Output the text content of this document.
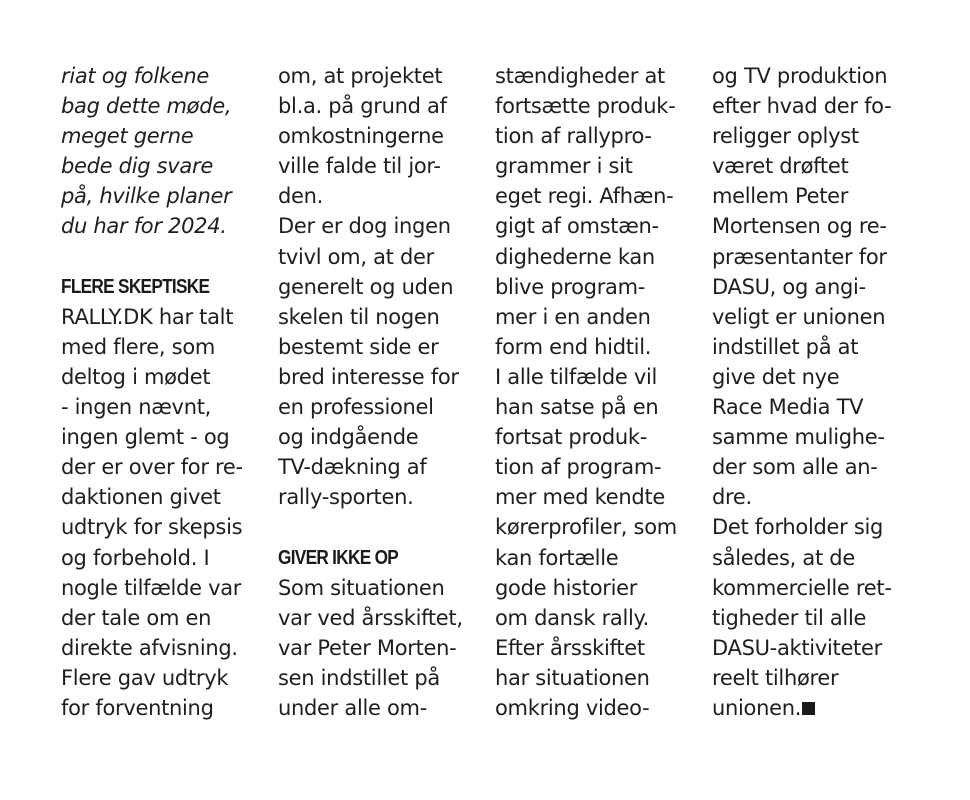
riat og folkene
bag dette møde,
meget gerne
bede dig svare
på, hvilke planer
du har for 2024.
FLERE SKEPTISKE
RALLY.DK har talt
med flere, som
deltog i mødet
- ingen nævnt,
ingen glemt - og
der er over for re-
daktionen givet
udtryk for skepsis
og forbehold. I
nogle tilfælde var
der tale om en
direkte afvisning.
Flere gav udtryk
for forventning
om, at projektet
bl.a. på grund af
omkostningerne
ville falde til jor-
den.
Der er dog ingen
tvivl om, at der
generelt og uden
skelen til nogen
bestemt side er
bred interesse for
en professionel
og indgående
TV-dækning af
rally-sporten.
GIVER IKKE OP
Som situationen
var ved årsskiftet,
var Peter Morten-
sen indstillet på
under alle om-
stændigheder at
fortsætte produk-
tion af rallypro-
grammer i sit
eget regi. Afhæn-
gigt af omstæn-
dighederne kan
blive program-
mer i en anden
form end hidtil.
I alle tilfælde vil
han satse på en
fortsat produk-
tion af program-
mer med kendte
kørerprofiler, som
kan fortælle
gode historier
om dansk rally.
Efter årsskiftet
har situationen
omkring video-
og TV produktion
efter hvad der fo-
religger oplyst
været drøftet
mellem Peter
Mortensen og re-
præsentanter for
DASU, og angi-
veligt er unionen
indstillet på at
give det nye
Race Media TV
samme mulighe-
der som alle an-
dre.
Det forholder sig
således, at de
kommercielle ret-
tigheder til alle
DASU-aktiviteter
reelt tilhører
unionen.
